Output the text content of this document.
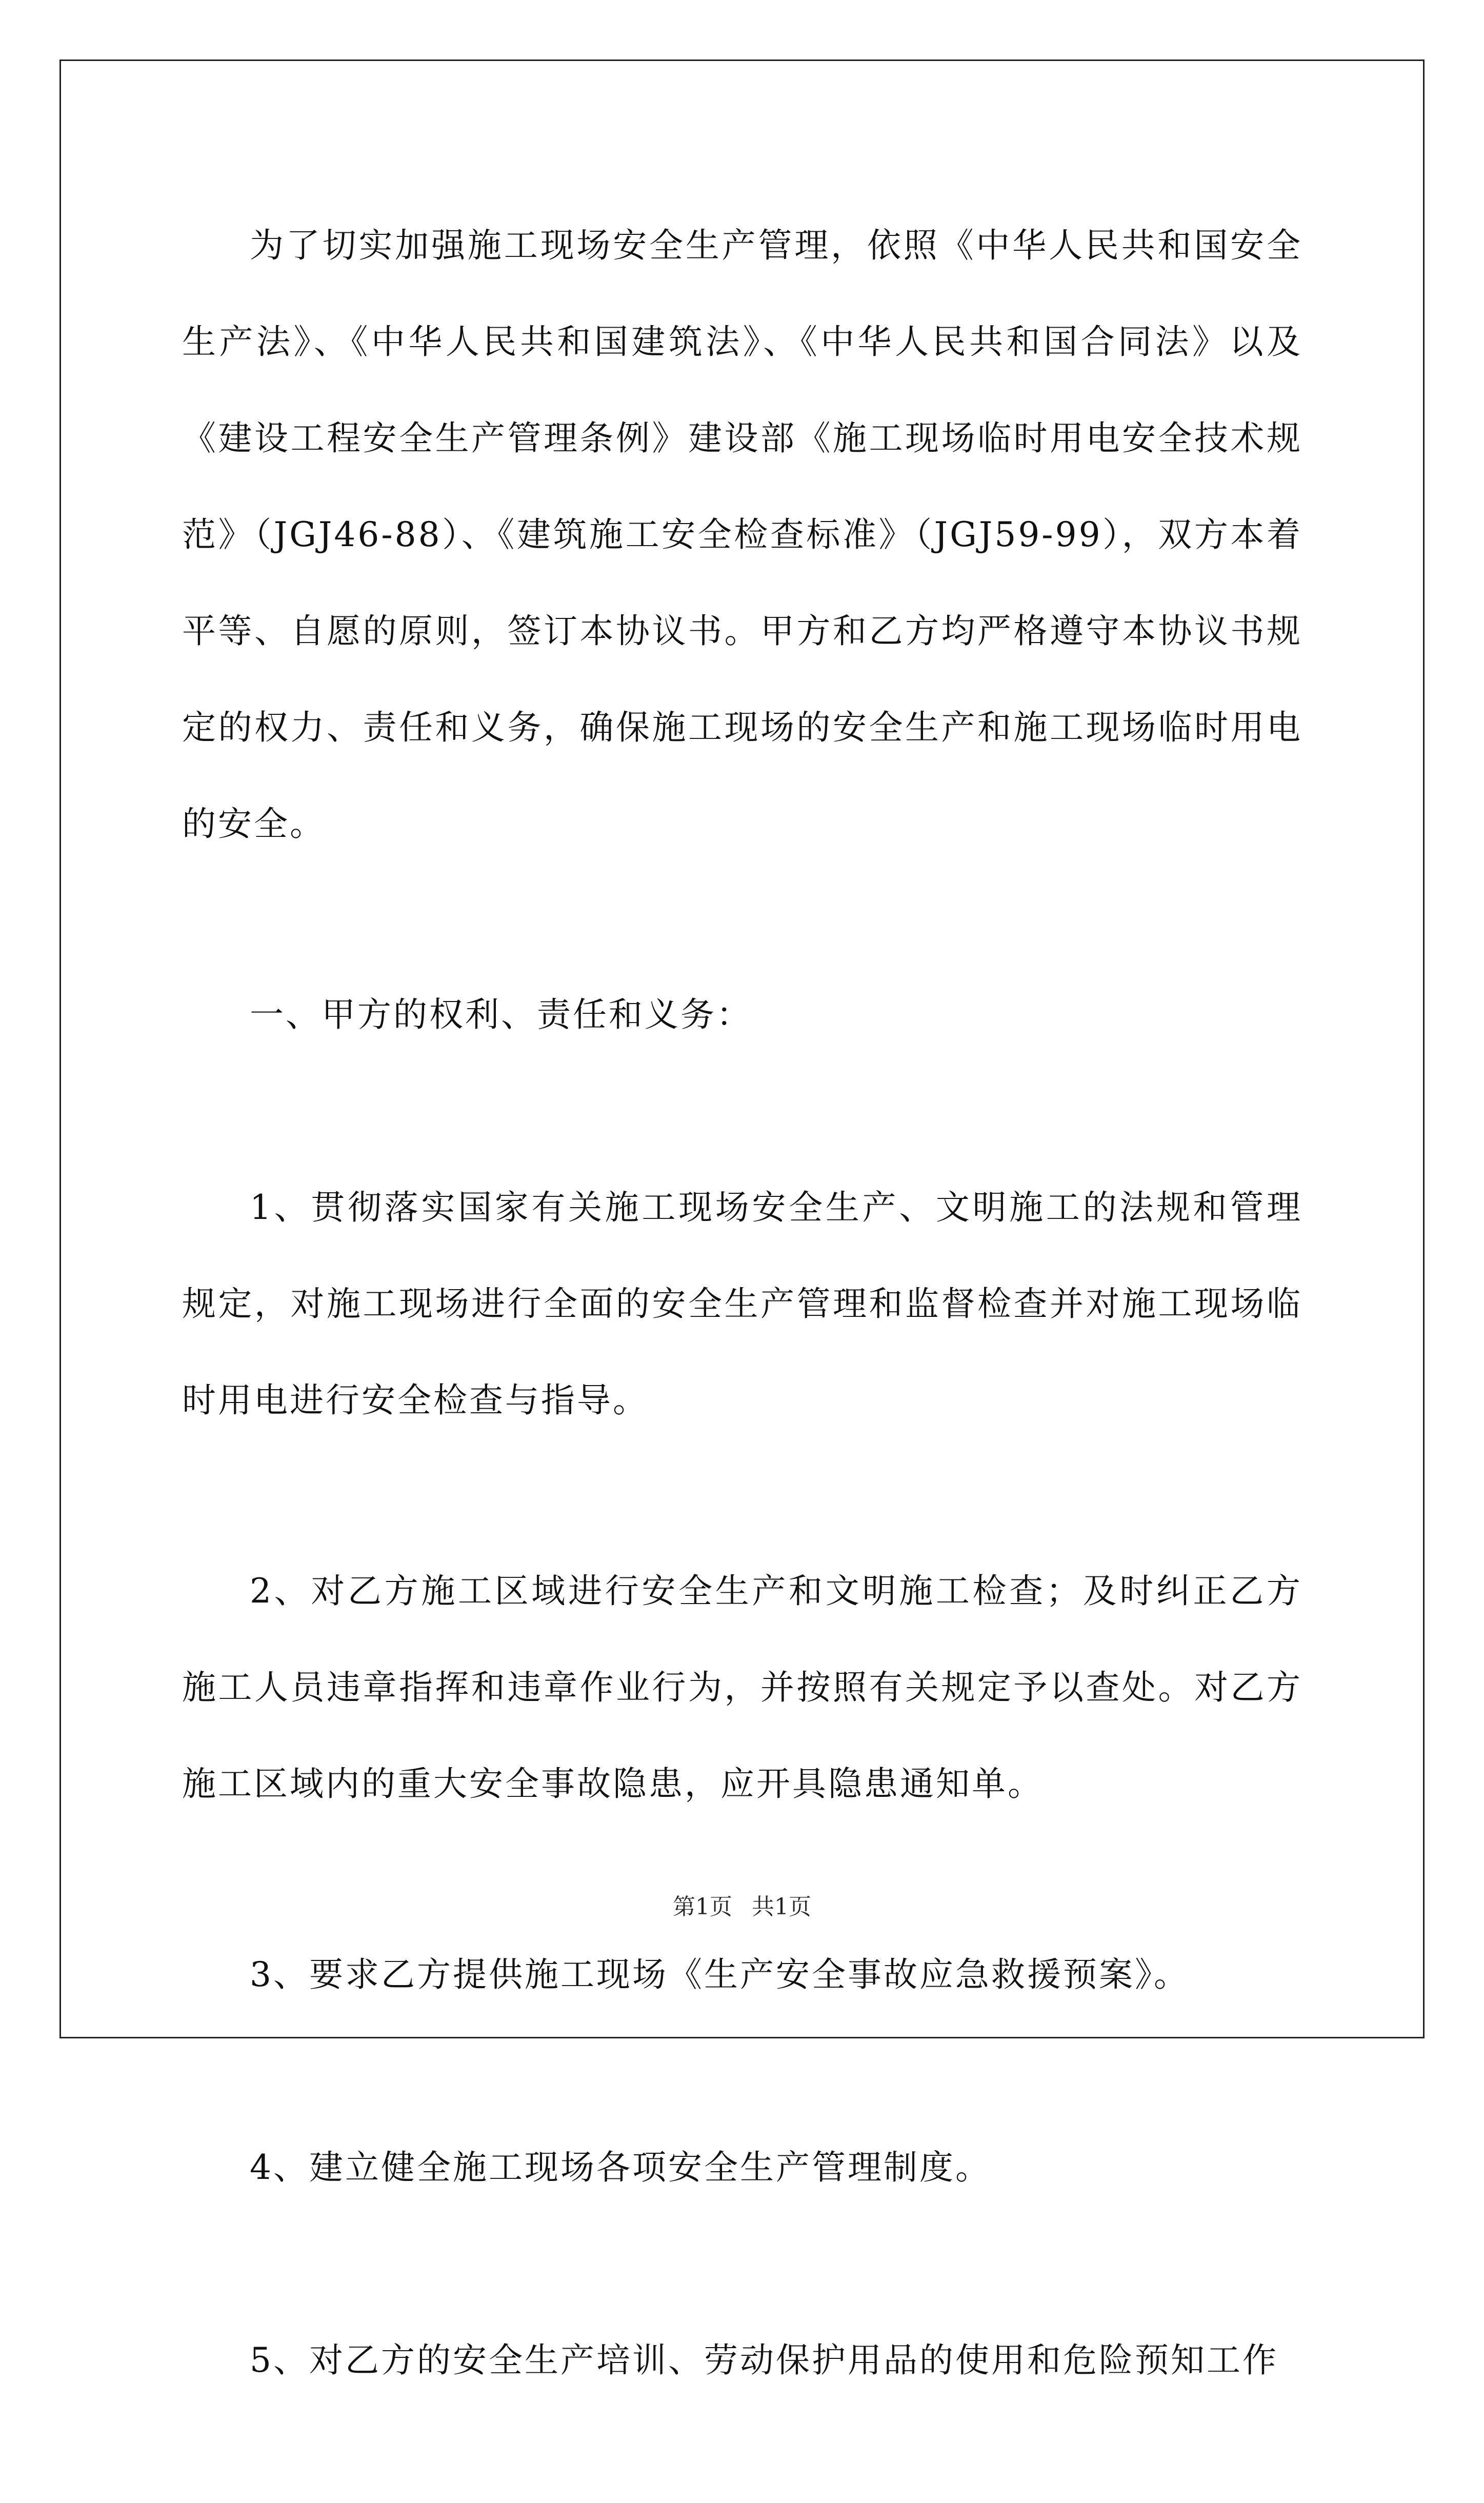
为了切实加强施工现场安全生产管理，依照《中华人民共和国安全生产法》、《中华人民共和国建筑法》、《中华人民共和国合同法》以及《建设工程安全生产管理条例》建设部《施工现场临时用电安全技术规范》（JGJ46-88）、《建筑施工安全检查标准》（JGJ59-99），双方本着平等、自愿的原则，签订本协议书。甲方和乙方均严格遵守本协议书规定的权力、责任和义务，确保施工现场的安全生产和施工现场临时用电的安全。

一、甲方的权利、责任和义务：

1、贯彻落实国家有关施工现场安全生产、文明施工的法规和管理规定，对施工现场进行全面的安全生产管理和监督检查并对施工现场临时用电进行安全检查与指导。

2、对乙方施工区域进行安全生产和文明施工检查；及时纠正乙方施工人员违章指挥和违章作业行为，并按照有关规定予以查处。对乙方施工区域内的重大安全事故隐患，应开具隐患通知单。

3、要求乙方提供施工现场《生产安全事故应急救援预案》。

4、建立健全施工现场各项安全生产管理制度。

5、对乙方的安全生产培训、劳动保护用品的使用和危险预知工作

第1页 共1页
